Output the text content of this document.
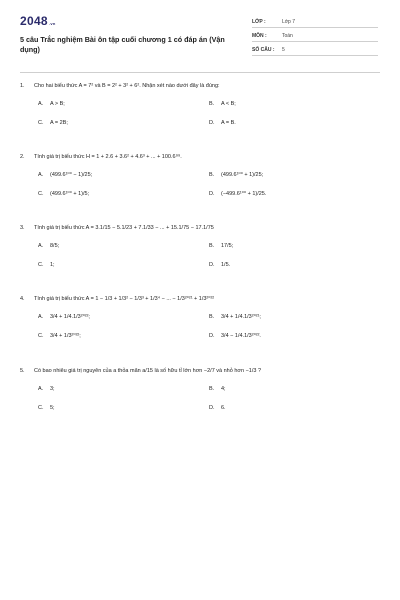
2048.vn
5 câu Trắc nghiệm Bài ôn tập cuối chương 1 có đáp án (Vận dụng)
LỚP :	Lớp 7
MÔN :	Toán
SỐ CÂU :	5
1.	Cho hai biểu thức A = 7² và B = 2² + 3² + 6². Nhận xét nào dưới đây là đúng:
A.	A > B;	B.	A < B;
C.	A = 2B;	D.	A = B.
2.	Tính giá trị biểu thức H = 1 + 2.6 + 3.6² + 4.6³ + ... + 100.6⁹⁹.
A.	(499.6¹⁰⁰ − 1)/25;	B.	(499.6¹⁰⁰ + 1)/25;
C.	(499.6¹⁰⁰ + 1)/5;	D.	(−499.6¹⁰⁰ + 1)/25.
3.	Tính giá trị biểu thức A = 3.1/15 − 5.1/23 + 7.1/33 − ... + 15.1/75 − 17.1/75
A.	8/5;	B.	17/5;
C.	1;	D.	1/5.
4.	Tính giá trị biểu thức A = 1 − 1/3 + 1/3² − 1/3³ + 1/3⁴ − ... − 1/3²⁰²¹ + 1/3²⁰²²
A.	3/4 + 1/4.1/3²⁰²²;	B.	3/4 + 1/4.1/3²⁰²¹;
C.	3/4 + 1/3²⁰²²;	D.	3/4 − 1/4.1/3²⁰²².
5.	Có bao nhiêu giá trị nguyên của a thỏa mãn a/15 là số hữu tỉ lớn hơn −2/7 và nhỏ hơn −1/3 ?
A.	3;	B.	4;
C.	5;	D.	6.
